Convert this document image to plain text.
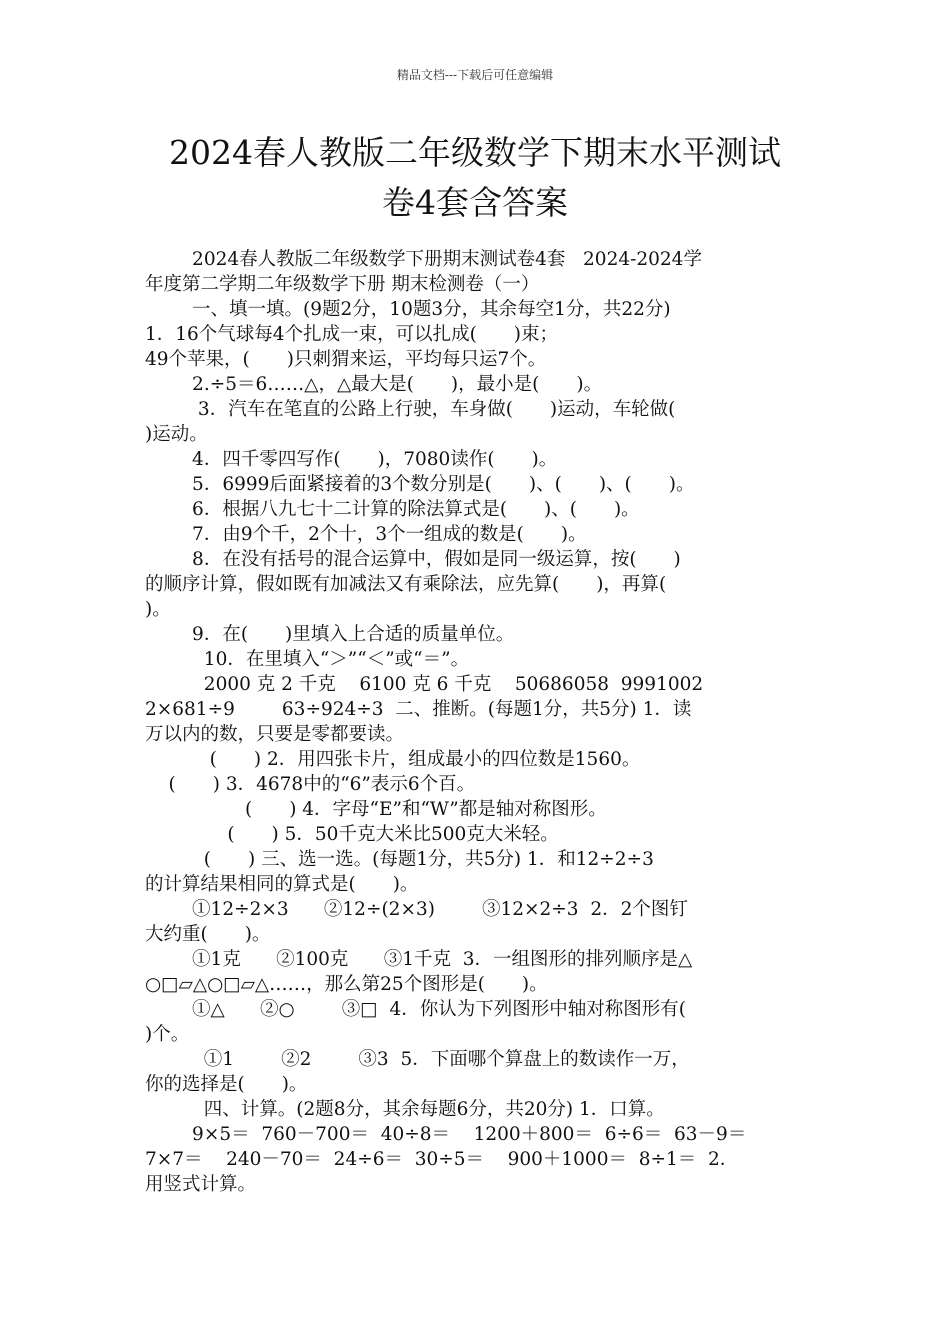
精品文档---下载后可任意编辑
2024春人教版二年级数学下期末水平测试
卷4套含答案
2024春人教版二年级数学下册期末测试卷4套   2024-2024学
年度第二学期二年级数学下册 期末检测卷（一）
一、填一填。(9题2分，10题3分，其余每空1分，共22分)
1．16个气球每4个扎成一束，可以扎成(　　)束；
49个苹果，(　　)只刺猬来运，平均每只运7个。
2.÷5＝6……△，△最大是(　　)，最小是(　　)。
3．汽车在笔直的公路上行驶，车身做(　　)运动，车轮做(
)运动。
4．四千零四写作(　　)，7080读作(　　)。
5．6999后面紧接着的3个数分别是(　　)、(　　)、(　　)。
6．根据八九七十二计算的除法算式是(　　)、(　　)。
7．由9个千，2个十，3个一组成的数是(　　)。
8．在没有括号的混合运算中，假如是同一级运算，按(　　)
的顺序计算，假如既有加减法又有乘除法，应先算(　　)，再算(
)。
9．在(　　)里填入上合适的质量单位。
10．在里填入“＞”“＜”或“＝”。
2000 克 2 千克    6100 克 6 千克    50686058  9991002
2×681÷9        63÷924÷3  二、推断。(每题1分，共5分) 1．读
万以内的数，只要是零都要读。
(　　) 2．用四张卡片，组成最小的四位数是1560。
(　　) 3．4678中的“6”表示6个百。
(　　) 4．字母“E”和“W”都是轴对称图形。
(　　) 5．50千克大米比500克大米轻。
(　　) 三、选一选。(每题1分，共5分) 1．和12÷2÷3
的计算结果相同的算式是(　　)。
①12÷2×3      ②12÷(2×3)        ③12×2÷3  2．2个图钉
大约重(　　)。
①1克      ②100克      ③1千克  3．一组图形的排列顺序是△
○□▱△○□▱△……，那么第25个图形是(　　)。
①△      ②○        ③□  4．你认为下列图形中轴对称图形有(
)个。
①1        ②2        ③3  5．下面哪个算盘上的数读作一万，
你的选择是(　　)。
四、计算。(2题8分，其余每题6分，共20分) 1．口算。
9×5＝  760－700＝  40÷8＝    1200＋800＝  6÷6＝  63－9＝
7×7＝    240－70＝  24÷6＝  30÷5＝    900＋1000＝  8÷1＝  2．
用竖式计算。
